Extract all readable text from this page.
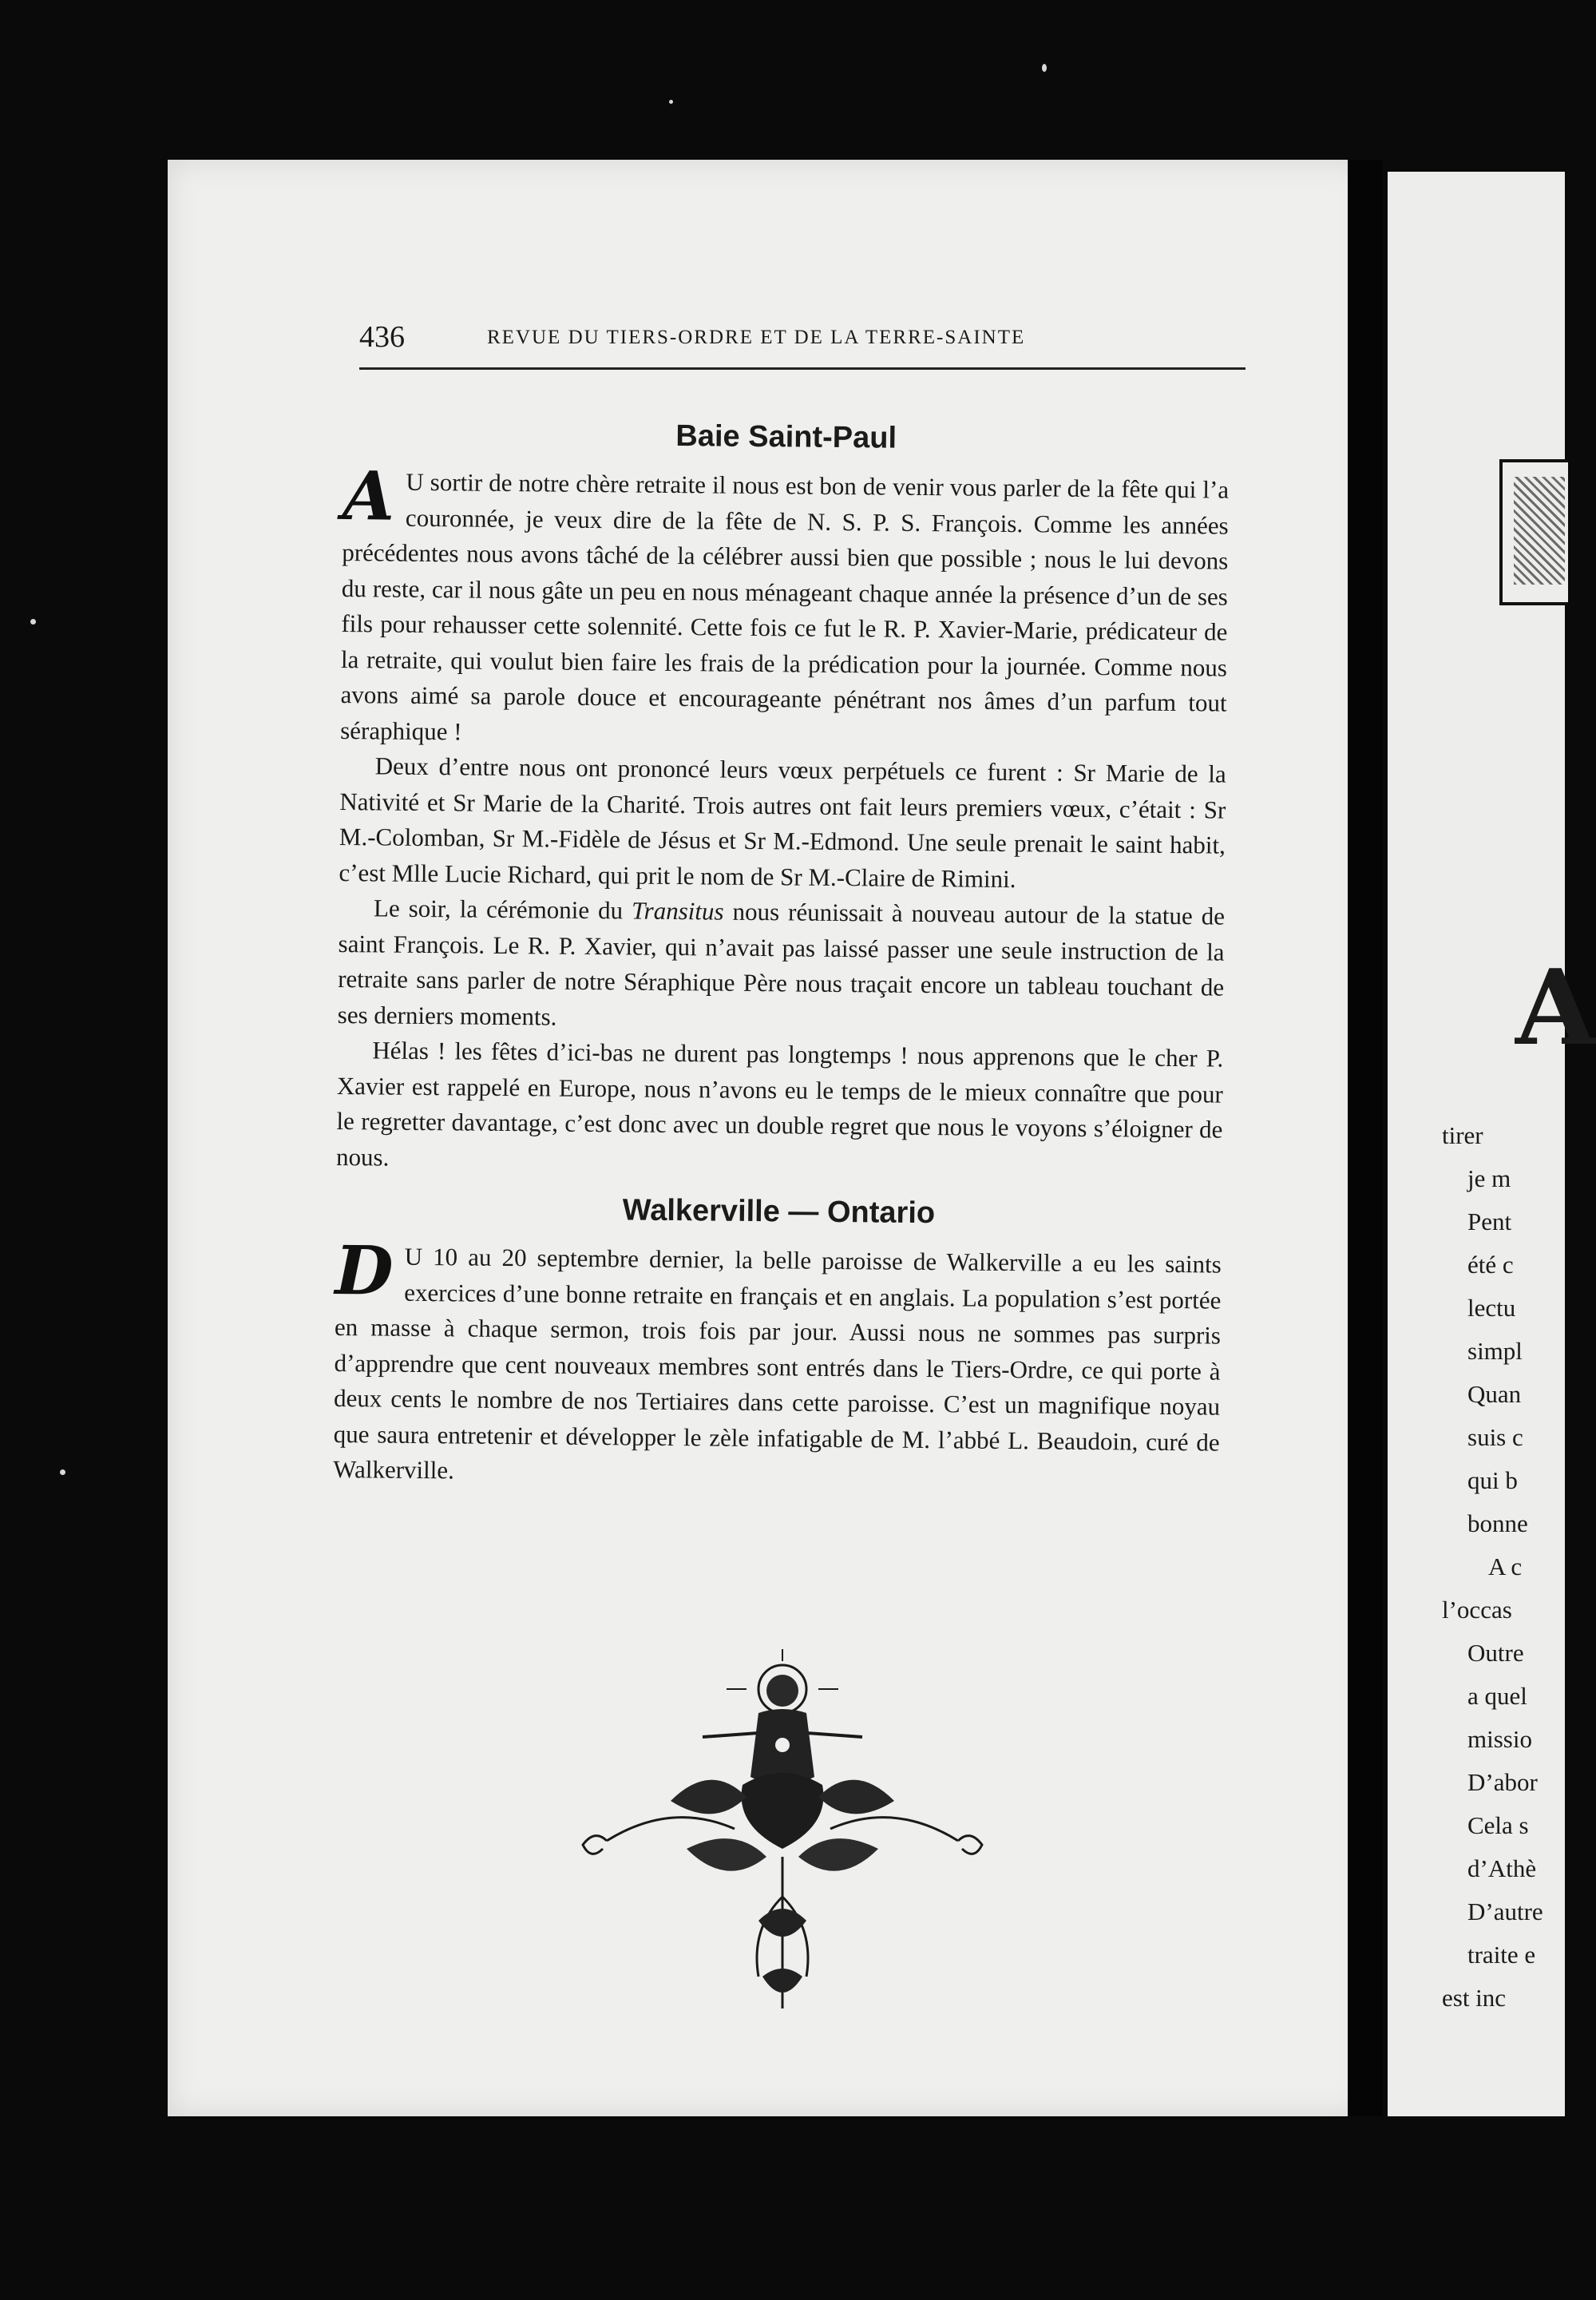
436	REVUE DU TIERS-ORDRE ET DE LA TERRE-SAINTE
Baie Saint-Paul

A U sortir de notre chère retraite il nous est bon de venir vous parler de la fête qui l’a couronnée, je veux dire de la fête de N. S. P. S. François. Comme les années précédentes nous avons tâché de la célébrer aussi bien que possible ; nous le lui devons du reste, car il nous gâte un peu en nous ménageant chaque année la présence d’un de ses fils pour rehausser cette solennité. Cette fois ce fut le R. P. Xavier-Marie, prédicateur de la retraite, qui voulut bien faire les frais de la prédication pour la journée. Comme nous avons aimé sa parole douce et encourageante pénétrant nos âmes d’un parfum tout séraphique !

Deux d’entre nous ont prononcé leurs vœux perpétuels ce furent : Sr Marie de la Nativité et Sr Marie de la Charité. Trois autres ont fait leurs premiers vœux, c’était : Sr M.-Colomban, Sr M.-Fidèle de Jésus et Sr M.-Edmond. Une seule prenait le saint habit, c’est Mlle Lucie Richard, qui prit le nom de Sr M.-Claire de Rimini.

Le soir, la cérémonie du Transitus nous réunissait à nouveau autour de la statue de saint François. Le R. P. Xavier, qui n’avait pas laissé passer une seule instruction de la retraite sans parler de notre Séraphique Père nous traçait encore un tableau touchant de ses derniers moments.

Hélas ! les fêtes d’ici-bas ne durent pas longtemps ! nous apprenons que le cher P. Xavier est rappelé en Europe, nous n’avons eu le temps de le mieux connaître que pour le regretter davantage, c’est donc avec un double regret que nous le voyons s’éloigner de nous.

Walkerville — Ontario

D U 10 au 20 septembre dernier, la belle paroisse de Walkerville a eu les saints exercices d’une bonne retraite en français et en anglais. La population s’est portée en masse à chaque sermon, trois fois par jour. Aussi nous ne sommes pas surpris d’apprendre que cent nouveaux membres sont entrés dans le Tiers-Ordre, ce qui porte à deux cents le nombre de nos Tertiaires dans cette paroisse. C’est un magnifique noyau que saura entretenir et développer le zèle infatigable de M. l’abbé L. Beaudoin, curé de Walkerville.

A
tirer
je m
Pent
été c
lectu
simpl
Quan
suis c
qui b
bonne
A c
l’occas
Outre
a quel
missio
D’abor
Cela s
d’Athè
D’autre
traite e
est inc
